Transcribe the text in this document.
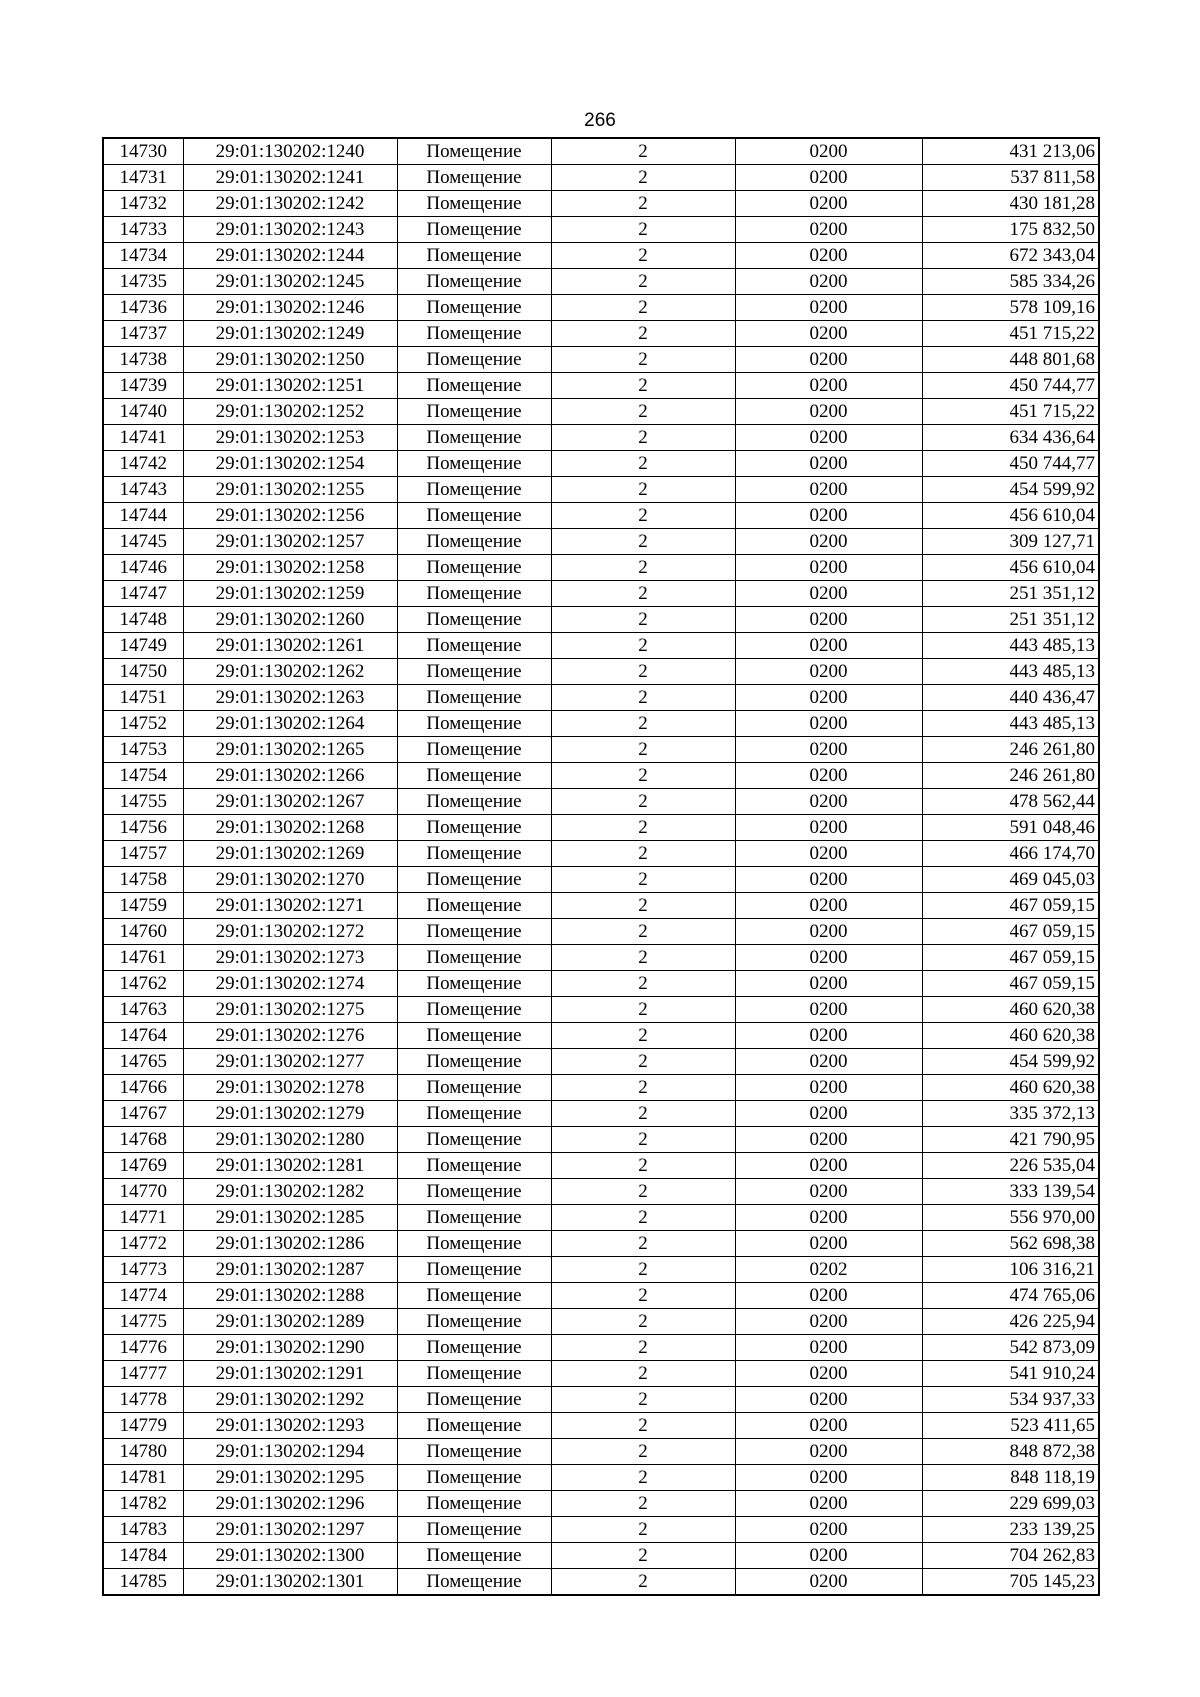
266
14730	29:01:130202:1240	Помещение	2	0200	431 213,06
14731	29:01:130202:1241	Помещение	2	0200	537 811,58
14732	29:01:130202:1242	Помещение	2	0200	430 181,28
14733	29:01:130202:1243	Помещение	2	0200	175 832,50
14734	29:01:130202:1244	Помещение	2	0200	672 343,04
14735	29:01:130202:1245	Помещение	2	0200	585 334,26
14736	29:01:130202:1246	Помещение	2	0200	578 109,16
14737	29:01:130202:1249	Помещение	2	0200	451 715,22
14738	29:01:130202:1250	Помещение	2	0200	448 801,68
14739	29:01:130202:1251	Помещение	2	0200	450 744,77
14740	29:01:130202:1252	Помещение	2	0200	451 715,22
14741	29:01:130202:1253	Помещение	2	0200	634 436,64
14742	29:01:130202:1254	Помещение	2	0200	450 744,77
14743	29:01:130202:1255	Помещение	2	0200	454 599,92
14744	29:01:130202:1256	Помещение	2	0200	456 610,04
14745	29:01:130202:1257	Помещение	2	0200	309 127,71
14746	29:01:130202:1258	Помещение	2	0200	456 610,04
14747	29:01:130202:1259	Помещение	2	0200	251 351,12
14748	29:01:130202:1260	Помещение	2	0200	251 351,12
14749	29:01:130202:1261	Помещение	2	0200	443 485,13
14750	29:01:130202:1262	Помещение	2	0200	443 485,13
14751	29:01:130202:1263	Помещение	2	0200	440 436,47
14752	29:01:130202:1264	Помещение	2	0200	443 485,13
14753	29:01:130202:1265	Помещение	2	0200	246 261,80
14754	29:01:130202:1266	Помещение	2	0200	246 261,80
14755	29:01:130202:1267	Помещение	2	0200	478 562,44
14756	29:01:130202:1268	Помещение	2	0200	591 048,46
14757	29:01:130202:1269	Помещение	2	0200	466 174,70
14758	29:01:130202:1270	Помещение	2	0200	469 045,03
14759	29:01:130202:1271	Помещение	2	0200	467 059,15
14760	29:01:130202:1272	Помещение	2	0200	467 059,15
14761	29:01:130202:1273	Помещение	2	0200	467 059,15
14762	29:01:130202:1274	Помещение	2	0200	467 059,15
14763	29:01:130202:1275	Помещение	2	0200	460 620,38
14764	29:01:130202:1276	Помещение	2	0200	460 620,38
14765	29:01:130202:1277	Помещение	2	0200	454 599,92
14766	29:01:130202:1278	Помещение	2	0200	460 620,38
14767	29:01:130202:1279	Помещение	2	0200	335 372,13
14768	29:01:130202:1280	Помещение	2	0200	421 790,95
14769	29:01:130202:1281	Помещение	2	0200	226 535,04
14770	29:01:130202:1282	Помещение	2	0200	333 139,54
14771	29:01:130202:1285	Помещение	2	0200	556 970,00
14772	29:01:130202:1286	Помещение	2	0200	562 698,38
14773	29:01:130202:1287	Помещение	2	0202	106 316,21
14774	29:01:130202:1288	Помещение	2	0200	474 765,06
14775	29:01:130202:1289	Помещение	2	0200	426 225,94
14776	29:01:130202:1290	Помещение	2	0200	542 873,09
14777	29:01:130202:1291	Помещение	2	0200	541 910,24
14778	29:01:130202:1292	Помещение	2	0200	534 937,33
14779	29:01:130202:1293	Помещение	2	0200	523 411,65
14780	29:01:130202:1294	Помещение	2	0200	848 872,38
14781	29:01:130202:1295	Помещение	2	0200	848 118,19
14782	29:01:130202:1296	Помещение	2	0200	229 699,03
14783	29:01:130202:1297	Помещение	2	0200	233 139,25
14784	29:01:130202:1300	Помещение	2	0200	704 262,83
14785	29:01:130202:1301	Помещение	2	0200	705 145,23
